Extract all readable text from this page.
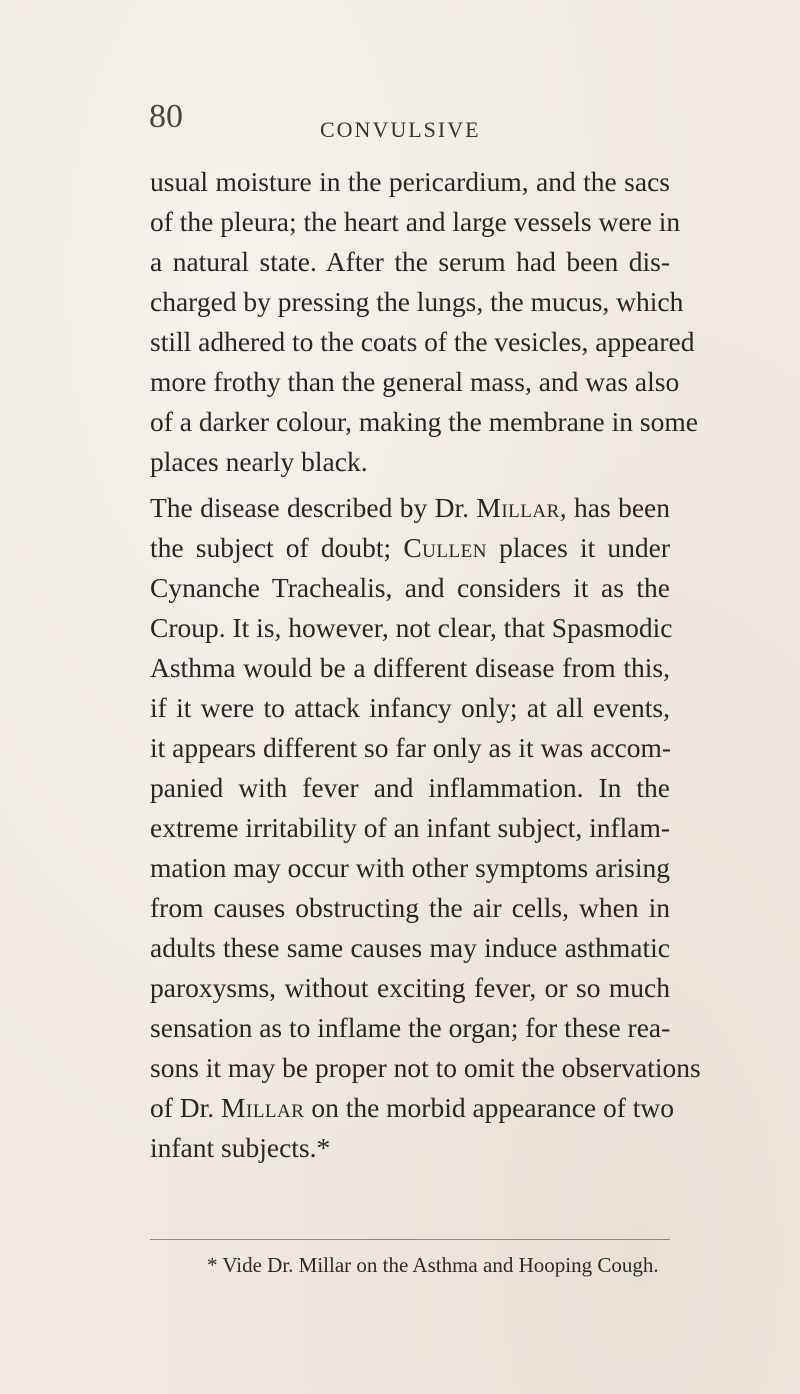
80	CONVULSIVE
usual moisture in the pericardium, and the sacs
of the pleura; the heart and large vessels were in
a natural state. After the serum had been dis-
charged by pressing the lungs, the mucus, which
still adhered to the coats of the vesicles, appeared
more frothy than the general mass, and was also
of a darker colour, making the membrane in some
places nearly black.
The disease described by Dr. Millar, has been
the subject of doubt; Cullen places it under
Cynanche Trachealis, and considers it as the
Croup. It is, however, not clear, that Spasmodic
Asthma would be a different disease from this,
if it were to attack infancy only; at all events,
it appears different so far only as it was accom-
panied with fever and inflammation. In the
extreme irritability of an infant subject, inflam-
mation may occur with other symptoms arising
from causes obstructing the air cells, when in
adults these same causes may induce asthmatic
paroxysms, without exciting fever, or so much
sensation as to inflame the organ; for these rea-
sons it may be proper not to omit the observations
of Dr. Millar on the morbid appearance of two
infant subjects.*
* Vide Dr. Millar on the Asthma and Hooping Cough.
